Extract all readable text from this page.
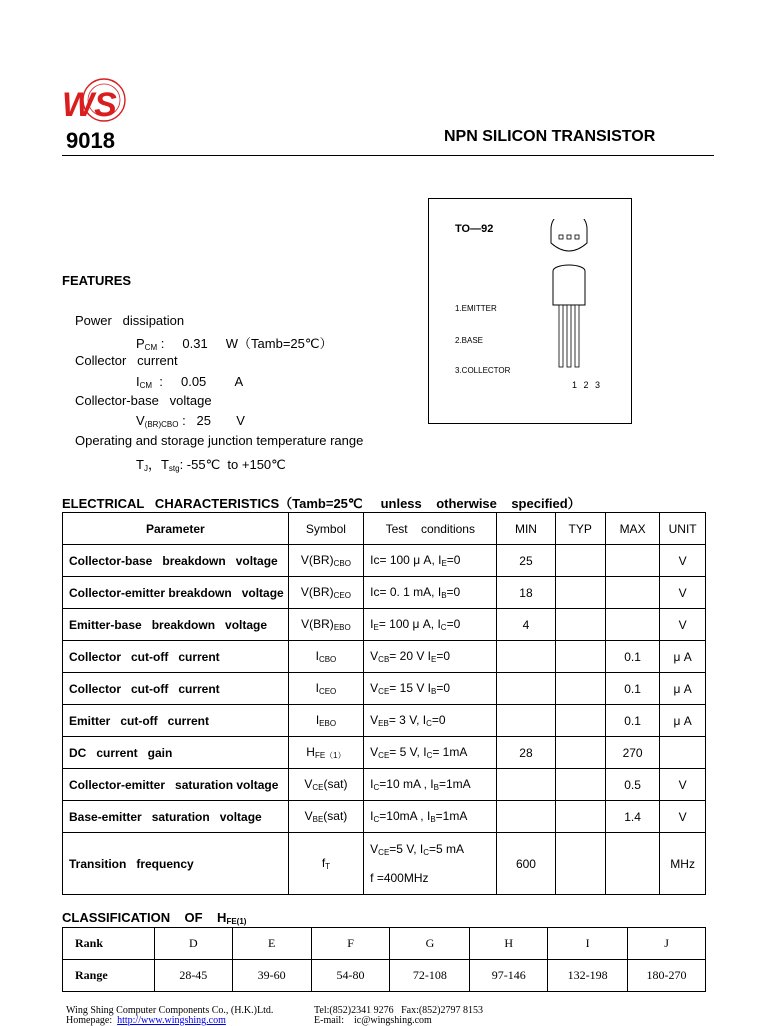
WS
9018	NPN SILICON TRANSISTOR
TO—92
1.EMITTER
2.BASE
3.COLLECTOR
1 2 3
FEATURES
Power   dissipation
$P_{CM}$ :     0.31     W（Tamb=25℃）
Collector   current
$I_{CM}$  :     0.05        A
Collector-base   voltage
$V_{(BR)CBO}$ :   25       V
Operating and storage junction temperature range
$T_J$，$T_{stg}$: -55℃  to +150℃
ELECTRICAL   CHARACTERISTICS（Tamb=25℃     unless    otherwise    specified）
Parameter	Symbol	Test    conditions	MIN	TYP	MAX	UNIT
Collector-base   breakdown   voltage	$V(BR)_{CBO}$	Ic= 100 μ A, $I_E=0$	25			V
Collector-emitter breakdown   voltage	$V(BR)_{CEO}$	Ic= 0. 1 mA, $I_B=0$	18			V
Emitter-base   breakdown   voltage	$V(BR)_{EBO}$	$I_E= 100$ μ A, $I_C=0$	4			V
Collector   cut-off   current	$I_{CBO}$	$V_{CB}= 20$ V $I_E=0$			0.1	μ A
Collector   cut-off   current	$I_{CEO}$	$V_{CE}= 15$ V $I_B=0$			0.1	μ A
Emitter   cut-off   current	$I_{EBO}$	$V_{EB}= 3$ V, $I_C=0$			0.1	μ A
DC   current   gain	$H_{FE(1)}$	$V_{CE}= 5$ V, $I_C= 1mA$	28		270	
Collector-emitter   saturation voltage	$V_{CE}(sat)$	$I_C=10$ mA , $I_B=1mA$			0.5	V
Base-emitter   saturation   voltage	$V_{BE}(sat)$	$I_C=10mA$ , $I_B=1mA$			1.4	V
Transition   frequency	$f_T$	$V_{CE}=5$ V, $I_C=5$ mA

f =400MHz	600			MHz
CLASSIFICATION    OF    $H_{FE(1)}$
Rank	D	E	F	G	H	I	J
Range	28-45	39-60	54-80	72-108	97-146	132-198	180-270
Wing Shing Computer Components Co., (H.K.)Ltd.
Homepage:  http://www.wingshing.com
Tel:(852)2341 9276   Fax:(852)2797 8153
E-mail:    ic@wingshing.com
